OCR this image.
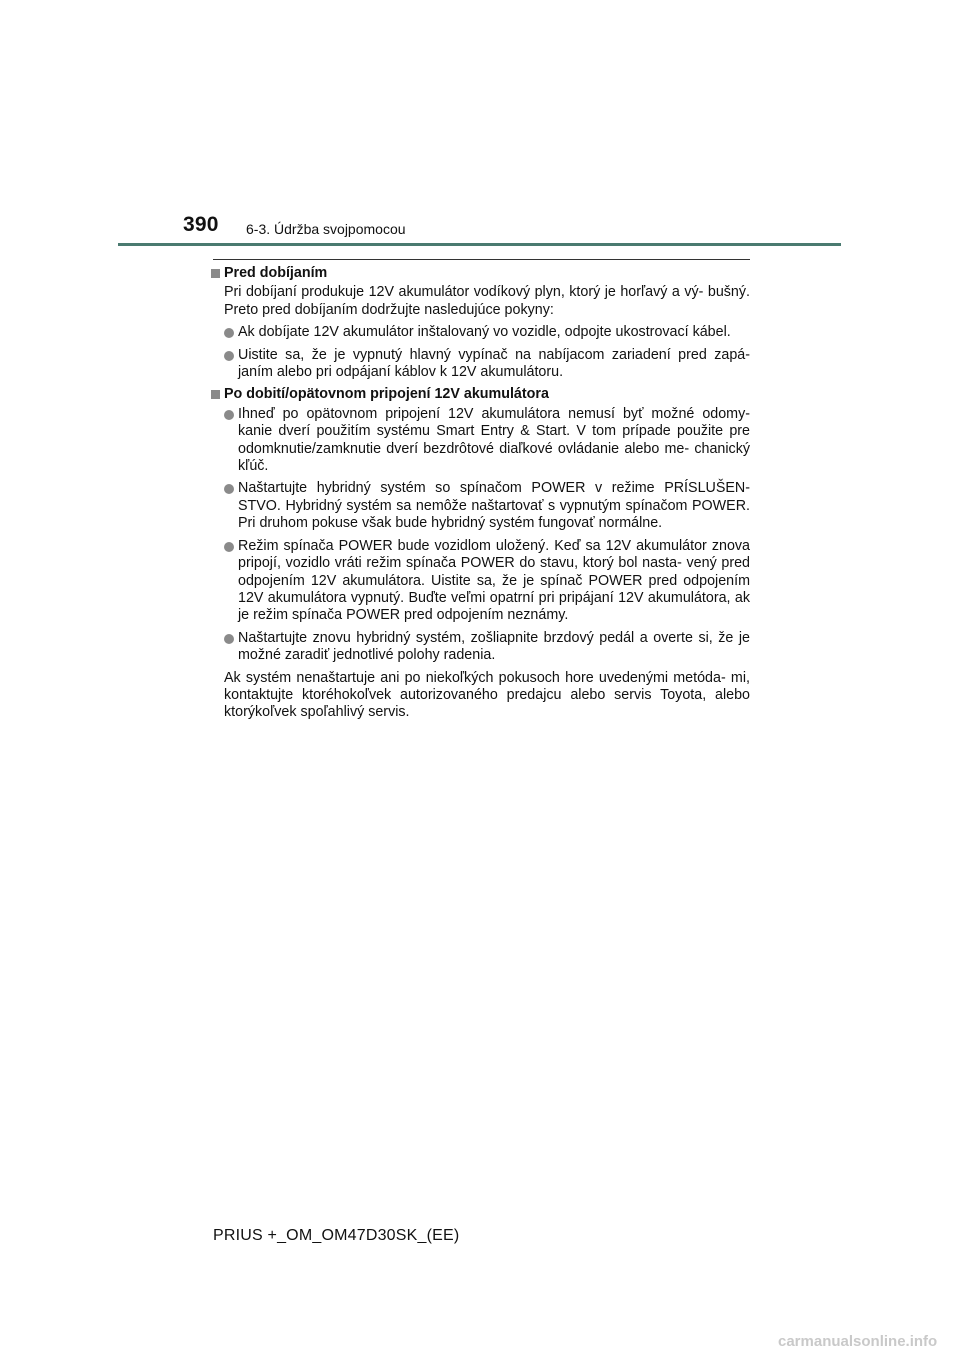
390 6-3. Údržba svojpomocou
Pred dobíjaním
Pri dobíjaní produkuje 12V akumulátor vodíkový plyn, ktorý je horľavý a vý- bušný. Preto pred dobíjaním dodržujte nasledujúce pokyny:
Ak dobíjate 12V akumulátor inštalovaný vo vozidle, odpojte ukostrovací kábel.
Uistite sa, že je vypnutý hlavný vypínač na nabíjacom zariadení pred zapá- janím alebo pri odpájaní káblov k 12V akumulátoru.
Po dobití/opätovnom pripojení 12V akumulátora
Ihneď po opätovnom pripojení 12V akumulátora nemusí byť možné odomy- kanie dverí použitím systému Smart Entry & Start. V tom prípade použite pre odomknutie/zamknutie dverí bezdrôtové diaľkové ovládanie alebo me- chanický kľúč.
Naštartujte hybridný systém so spínačom POWER v režime PRÍSLUŠEN- STVO. Hybridný systém sa nemôže naštartovať s vypnutým spínačom POWER. Pri druhom pokuse však bude hybridný systém fungovať normálne.
Režim spínača POWER bude vozidlom uložený. Keď sa 12V akumulátor znova pripojí, vozidlo vráti režim spínača POWER do stavu, ktorý bol nasta- vený pred odpojením 12V akumulátora. Uistite sa, že je spínač POWER pred odpojením 12V akumulátora vypnutý. Buďte veľmi opatrní pri pripájaní 12V akumulátora, ak je režim spínača POWER pred odpojením neznámy.
Naštartujte znovu hybridný systém, zošliapnite brzdový pedál a overte si, že je možné zaradiť jednotlivé polohy radenia.
Ak systém nenaštartuje ani po niekoľkých pokusoch hore uvedenými metóda- mi, kontaktujte ktoréhokoľvek autorizovaného predajcu alebo servis Toyota, alebo ktorýkoľvek spoľahlivý servis.
PRIUS +_OM_OM47D30SK_(EE)
carmanualsonline.info
